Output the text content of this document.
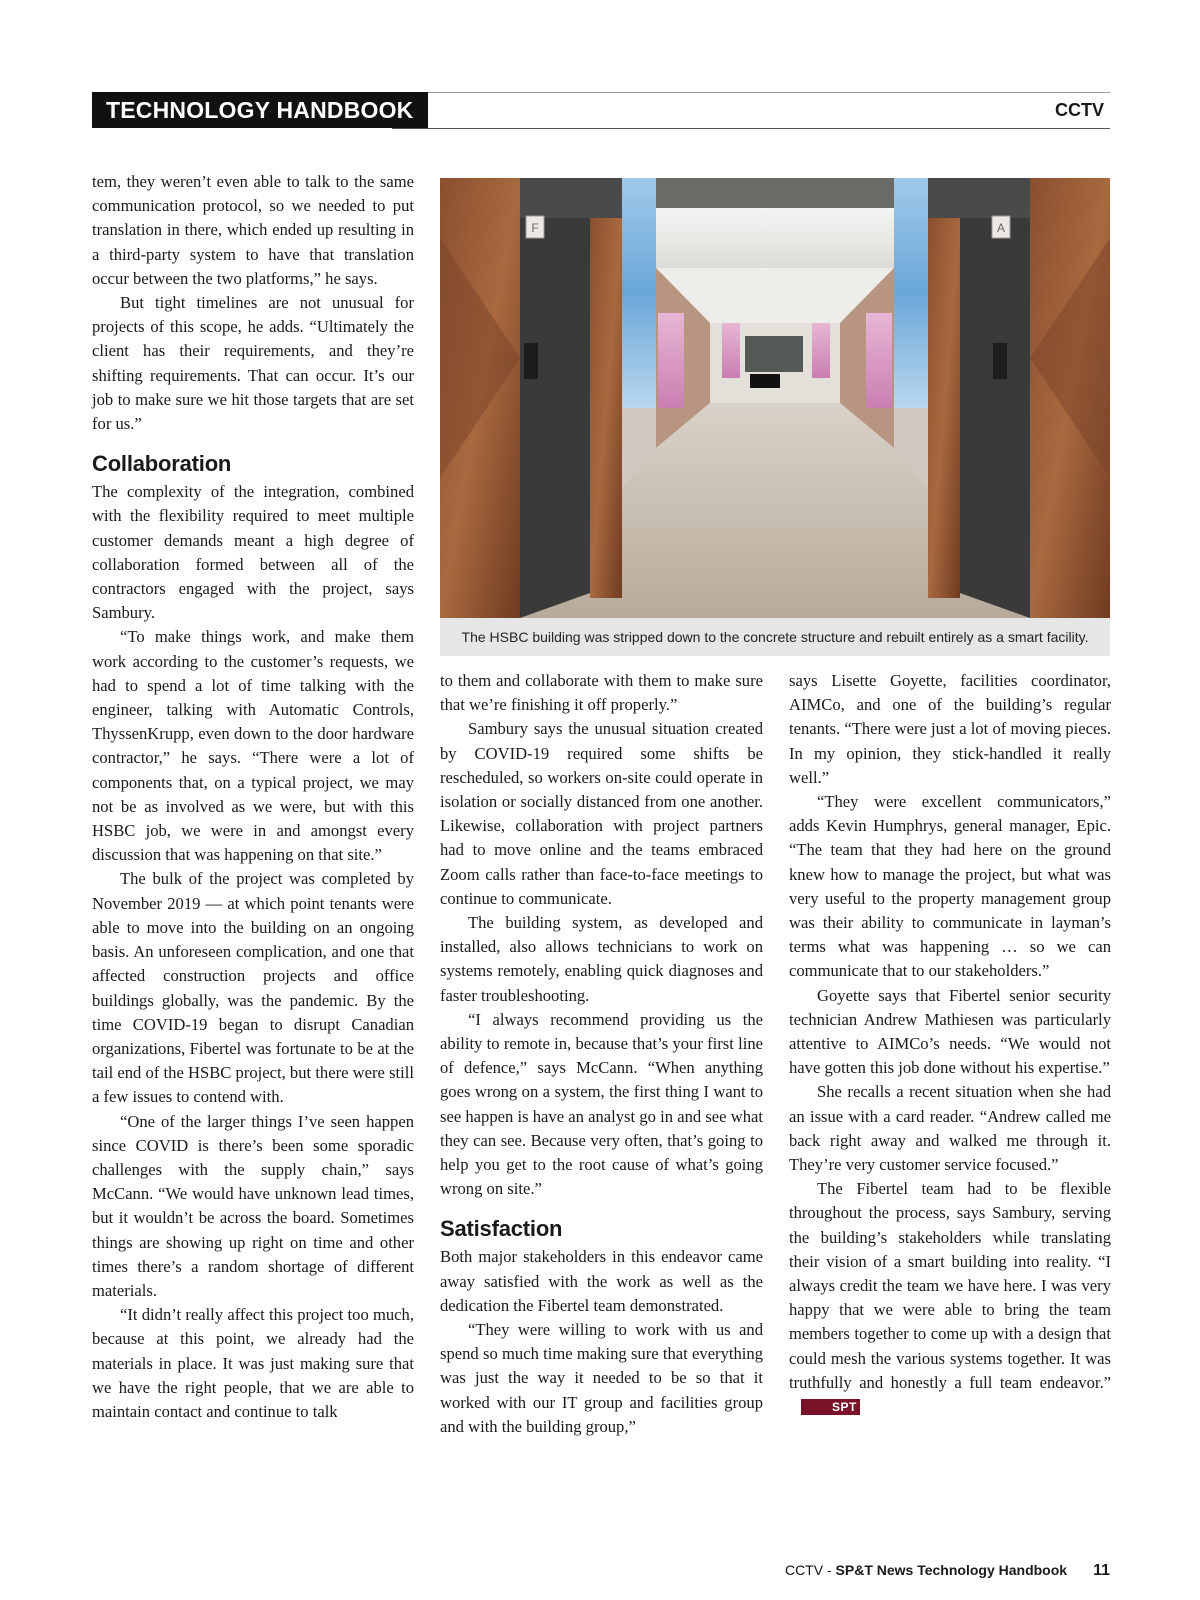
TECHNOLOGY HANDBOOK	CCTV

tem, they weren’t even able to talk to the same communication protocol, so we needed to put translation in there, which ended up resulting in a third-party system to have that translation occur between the two platforms,” he says.

But tight timelines are not unusual for projects of this scope, he adds. “Ultimately the client has their requirements, and they’re shifting requirements. That can occur. It’s our job to make sure we hit those targets that are set for us.”

Collaboration

The complexity of the integration, combined with the flexibility required to meet multiple customer demands meant a high degree of collaboration formed between all of the contractors engaged with the project, says Sambury.

“To make things work, and make them work according to the customer’s requests, we had to spend a lot of time talking with the engineer, talking with Automatic Controls, ThyssenKrupp, even down to the door hardware contractor,” he says. “There were a lot of components that, on a typical project, we may not be as involved as we were, but with this HSBC job, we were in and amongst every discussion that was happening on that site.”

The bulk of the project was completed by November 2019 — at which point tenants were able to move into the building on an ongoing basis. An unforeseen complication, and one that affected construction projects and office buildings globally, was the pandemic. By the time COVID-19 began to disrupt Canadian organizations, Fibertel was fortunate to be at the tail end of the HSBC project, but there were still a few issues to contend with.

“One of the larger things I’ve seen happen since COVID is there’s been some sporadic challenges with the supply chain,” says McCann. “We would have unknown lead times, but it wouldn’t be across the board. Sometimes things are showing up right on time and other times there’s a random shortage of different materials.

“It didn’t really affect this project too much, because at this point, we already had the materials in place. It was just making sure that we have the right people, that we are able to maintain contact and continue to talk

F	A
The HSBC building was stripped down to the concrete structure and rebuilt entirely as a smart facility.

to them and collaborate with them to make sure that we’re finishing it off properly.”

Sambury says the unusual situation created by COVID-19 required some shifts be rescheduled, so workers on-site could operate in isolation or socially distanced from one another. Likewise, collaboration with project partners had to move online and the teams embraced Zoom calls rather than face-to-face meetings to continue to communicate.

The building system, as developed and installed, also allows technicians to work on systems remotely, enabling quick diagnoses and faster troubleshooting.

“I always recommend providing us the ability to remote in, because that’s your first line of defence,” says McCann. “When anything goes wrong on a system, the first thing I want to see happen is have an analyst go in and see what they can see. Because very often, that’s going to help you get to the root cause of what’s going wrong on site.”

Satisfaction

Both major stakeholders in this endeavor came away satisfied with the work as well as the dedication the Fibertel team demonstrated.

“They were willing to work with us and spend so much time making sure that everything was just the way it needed to be so that it worked with our IT group and facilities group and with the building group,”

says Lisette Goyette, facilities coordinator, AIMCo, and one of the building’s regular tenants. “There were just a lot of moving pieces. In my opinion, they stick-handled it really well.”

“They were excellent communicators,” adds Kevin Humphrys, general manager, Epic. “The team that they had here on the ground knew how to manage the project, but what was very useful to the property management group was their ability to communicate in layman’s terms what was happening … so we can communicate that to our stakeholders.”

Goyette says that Fibertel senior security technician Andrew Mathiesen was particularly attentive to AIMCo’s needs. “We would not have gotten this job done without his expertise.”

She recalls a recent situation when she had an issue with a card reader. “Andrew called me back right away and walked me through it. They’re very customer service focused.”

The Fibertel team had to be flexible throughout the process, says Sambury, serving the building’s stakeholders while translating their vision of a smart building into reality. “I always credit the team we have here. I was very happy that we were able to bring the team members together to come up with a design that could mesh the various systems together. It was truthfully and honestly a full team endeavor.”SPT

CCTV - SP&T News Technology Handbook 11
